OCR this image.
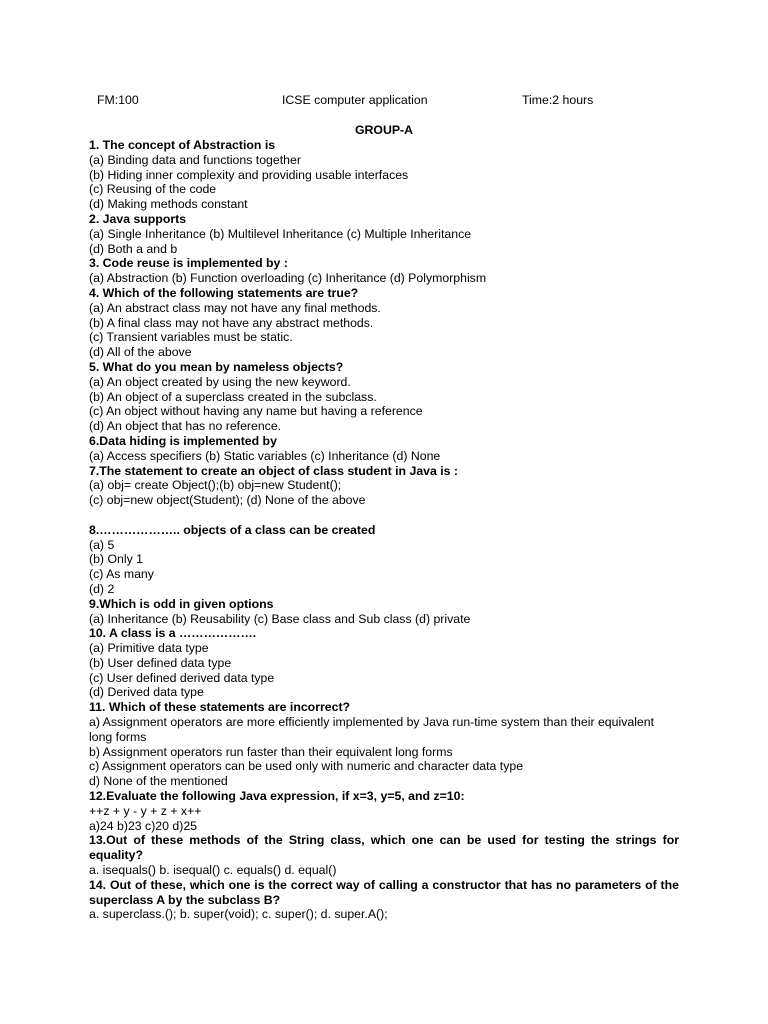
FM:100	ICSE computer application	Time:2 hours
GROUP-A
1. The concept of Abstraction is
(a) Binding data and functions together
(b) Hiding inner complexity and providing usable interfaces
(c) Reusing of the code
(d) Making methods constant
2. Java supports
(a) Single Inheritance (b) Multilevel Inheritance (c) Multiple Inheritance
(d) Both a and b
3. Code reuse is implemented by :
(a) Abstraction (b) Function overloading (c) Inheritance (d) Polymorphism
4. Which of the following statements are true?
(a) An abstract class may not have any final methods.
(b) A final class may not have any abstract methods.
(c) Transient variables must be static.
(d) All of the above
5. What do you mean by nameless objects?
(a) An object created by using the new keyword.
(b) An object of a superclass created in the subclass.
(c) An object without having any name but having a reference
(d) An object that has no reference.
6.Data hiding is implemented by
(a) Access specifiers (b) Static variables (c) Inheritance (d) None
7.The statement to create an object of class student in Java is :
(a) obj= create Object();(b) obj=new Student();
(c) obj=new object(Student); (d) None of the above
8.……………….. objects of a class can be created
(a) 5
(b) Only 1
(c) As many
(d) 2
9.Which is odd in given options
(a) Inheritance (b) Reusability (c) Base class and Sub class (d) private
10. A class is a ……………….
(a) Primitive data type
(b) User defined data type
(c) User defined derived data type
(d) Derived data type
11. Which of these statements are incorrect?
a) Assignment operators are more efficiently implemented by Java run-time system than their equivalent long forms
b) Assignment operators run faster than their equivalent long forms
c) Assignment operators can be used only with numeric and character data type
d) None of the mentioned
12.Evaluate the following Java expression, if x=3, y=5, and z=10:
++z + y - y + z + x++
a)24 b)23 c)20 d)25
13.Out of these methods of the String class, which one can be used for testing the strings for equality?
a. isequals() b. isequal() c. equals() d. equal()
14. Out of these, which one is the correct way of calling a constructor that has no parameters of the superclass A by the subclass B?
a. superclass.(); b. super(void); c. super(); d. super.A();
